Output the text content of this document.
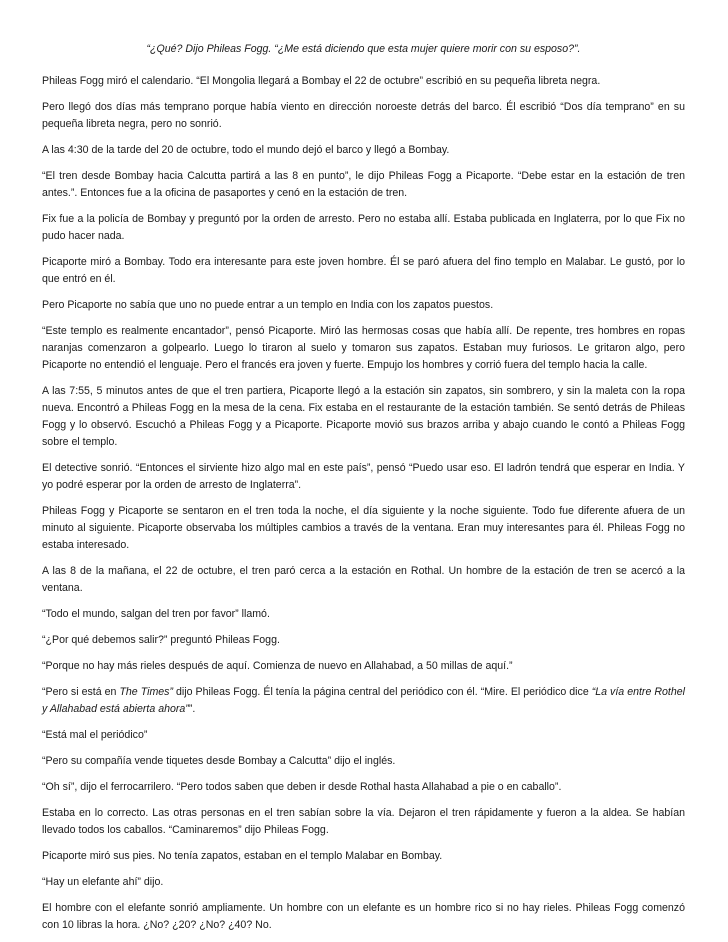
“¿Qué? Dijo Phileas Fogg. “¿Me está diciendo que esta mujer quiere morir con su esposo?”.

Phileas Fogg miró el calendario. “El Mongolia llegará a Bombay el 22 de octubre” escribió en su pequeña libreta negra.

Pero llegó dos días más temprano porque había viento en dirección noroeste detrás del barco. Él escribió “Dos día temprano” en su pequeña libreta negra, pero no sonrió.

A las 4:30 de la tarde del 20 de octubre, todo el mundo dejó el barco y llegó a Bombay.

“El tren desde Bombay hacia Calcutta partirá a las 8 en punto”, le dijo Phileas Fogg a Picaporte. “Debe estar en la estación de tren antes.”. Entonces fue a la oficina de pasaportes y cenó en la estación de tren.

Fix fue a la policía de Bombay y preguntó por la orden de arresto. Pero no estaba allí. Estaba publicada en Inglaterra, por lo que Fix no pudo hacer nada.

Picaporte miró a Bombay. Todo era interesante para este joven hombre. Él se paró afuera del fino templo en Malabar. Le gustó, por lo que entró en él.

Pero Picaporte no sabía que uno no puede entrar a un templo en India con los zapatos puestos.

“Este templo es realmente encantador”, pensó Picaporte. Miró las hermosas cosas que había allí. De repente, tres hombres en ropas naranjas comenzaron a golpearlo. Luego lo tiraron al suelo y tomaron sus zapatos. Estaban muy furiosos. Le gritaron algo, pero Picaporte no entendió el lenguaje. Pero el francés era joven y fuerte. Empujo los hombres y corrió fuera del templo hacia la calle.

A las 7:55, 5 minutos antes de que el tren partiera, Picaporte llegó a la estación sin zapatos, sin sombrero, y sin la maleta con la ropa nueva. Encontró a Phileas Fogg en la mesa de la cena. Fix estaba en el restaurante de la estación también. Se sentó detrás de Phileas Fogg y lo observó. Escuchó a Phileas Fogg y a Picaporte. Picaporte movió sus brazos arriba y abajo cuando le contó a Phileas Fogg sobre el templo.

El detective sonrió. “Entonces el sirviente hizo algo mal en este país”, pensó “Puedo usar eso. El ladrón tendrá que esperar en India. Y yo podré esperar por la orden de arresto de Inglaterra”.

Phileas Fogg y Picaporte se sentaron en el tren toda la noche, el día siguiente y la noche siguiente. Todo fue diferente afuera de un minuto al siguiente. Picaporte observaba los múltiples cambios a través de la ventana. Eran muy interesantes para él. Phileas Fogg no estaba interesado.

A las 8 de la mañana, el 22 de octubre, el tren paró cerca a la estación en Rothal. Un hombre de la estación de tren se acercó a la ventana.

“Todo el mundo, salgan del tren por favor” llamó.

“¿Por qué debemos salir?” preguntó Phileas Fogg.

“Porque no hay más rieles después de aquí. Comienza de nuevo en Allahabad, a 50 millas de aquí.”

“Pero si está en The Times” dijo Phileas Fogg. Él tenía la página central del periódico con él. “Mire. El periódico dice “La vía entre Rothel y Allahabad está abierta ahora””.

“Está mal el periódico”

“Pero su compañía vende tiquetes desde Bombay a Calcutta” dijo el inglés.

“Oh sí”, dijo el ferrocarrilero. “Pero todos saben que deben ir desde Rothal hasta Allahabad a pie o en caballo”.

Estaba en lo correcto. Las otras personas en el tren sabían sobre la vía. Dejaron el tren rápidamente y fueron a la aldea. Se habían llevado todos los caballos. “Caminaremos” dijo Phileas Fogg.

Picaporte miró sus pies. No tenía zapatos, estaban en el templo Malabar en Bombay.

“Hay un elefante ahí” dijo.

El hombre con el elefante sonrió ampliamente. Un hombre con un elefante es un hombre rico si no hay rieles. Phileas Fogg comenzó con 10 libras la hora. ¿No? ¿20? ¿No? ¿40? No.
